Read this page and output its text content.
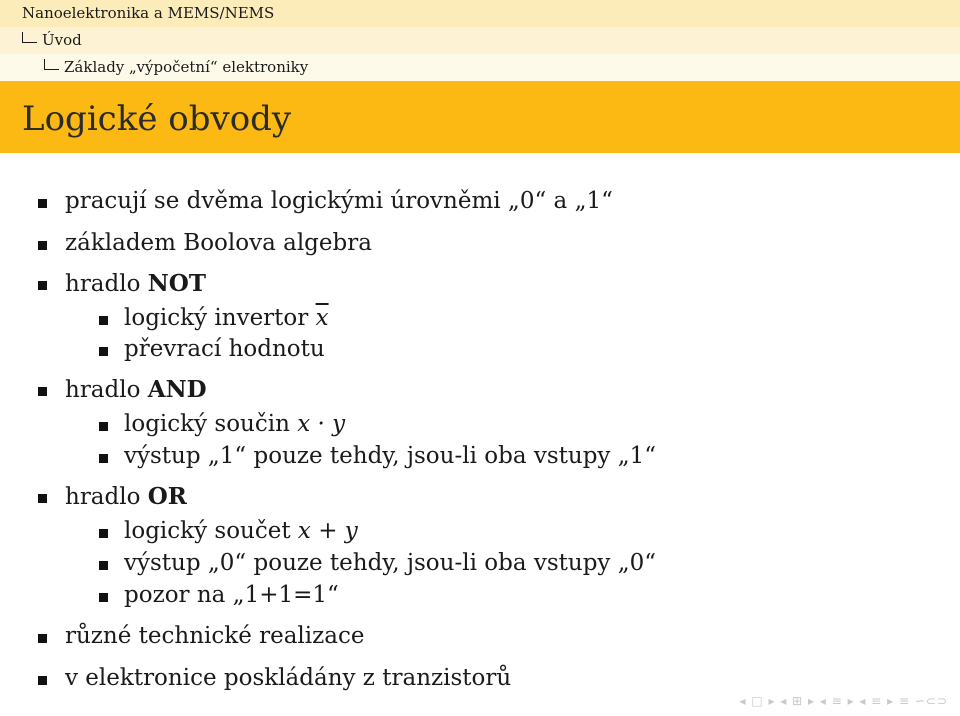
Nanoelektronika a MEMS/NEMS
Úvod
Základy „výpočetní“ elektroniky
Logické obvody
pracují se dvěma logickými úrovněmi „0“ a „1“
základem Boolova algebra
hradlo NOT
logický invertor $\overline{x}$
převrací hodnotu
hradlo AND
logický součin x · y
výstup „1“ pouze tehdy, jsou-li oba vstupy „1“
hradlo OR
logický součet x + y
výstup „0“ pouze tehdy, jsou-li oba vstupy „0“
pozor na „1+1=1“
různé technické realizace
v elektronice poskládány z tranzistorů
◂ □ ▸ ◂ ⊞ ▸ ◂ ≡ ▸ ◂ ≡ ▸ ≡ ∽⊂⊃
